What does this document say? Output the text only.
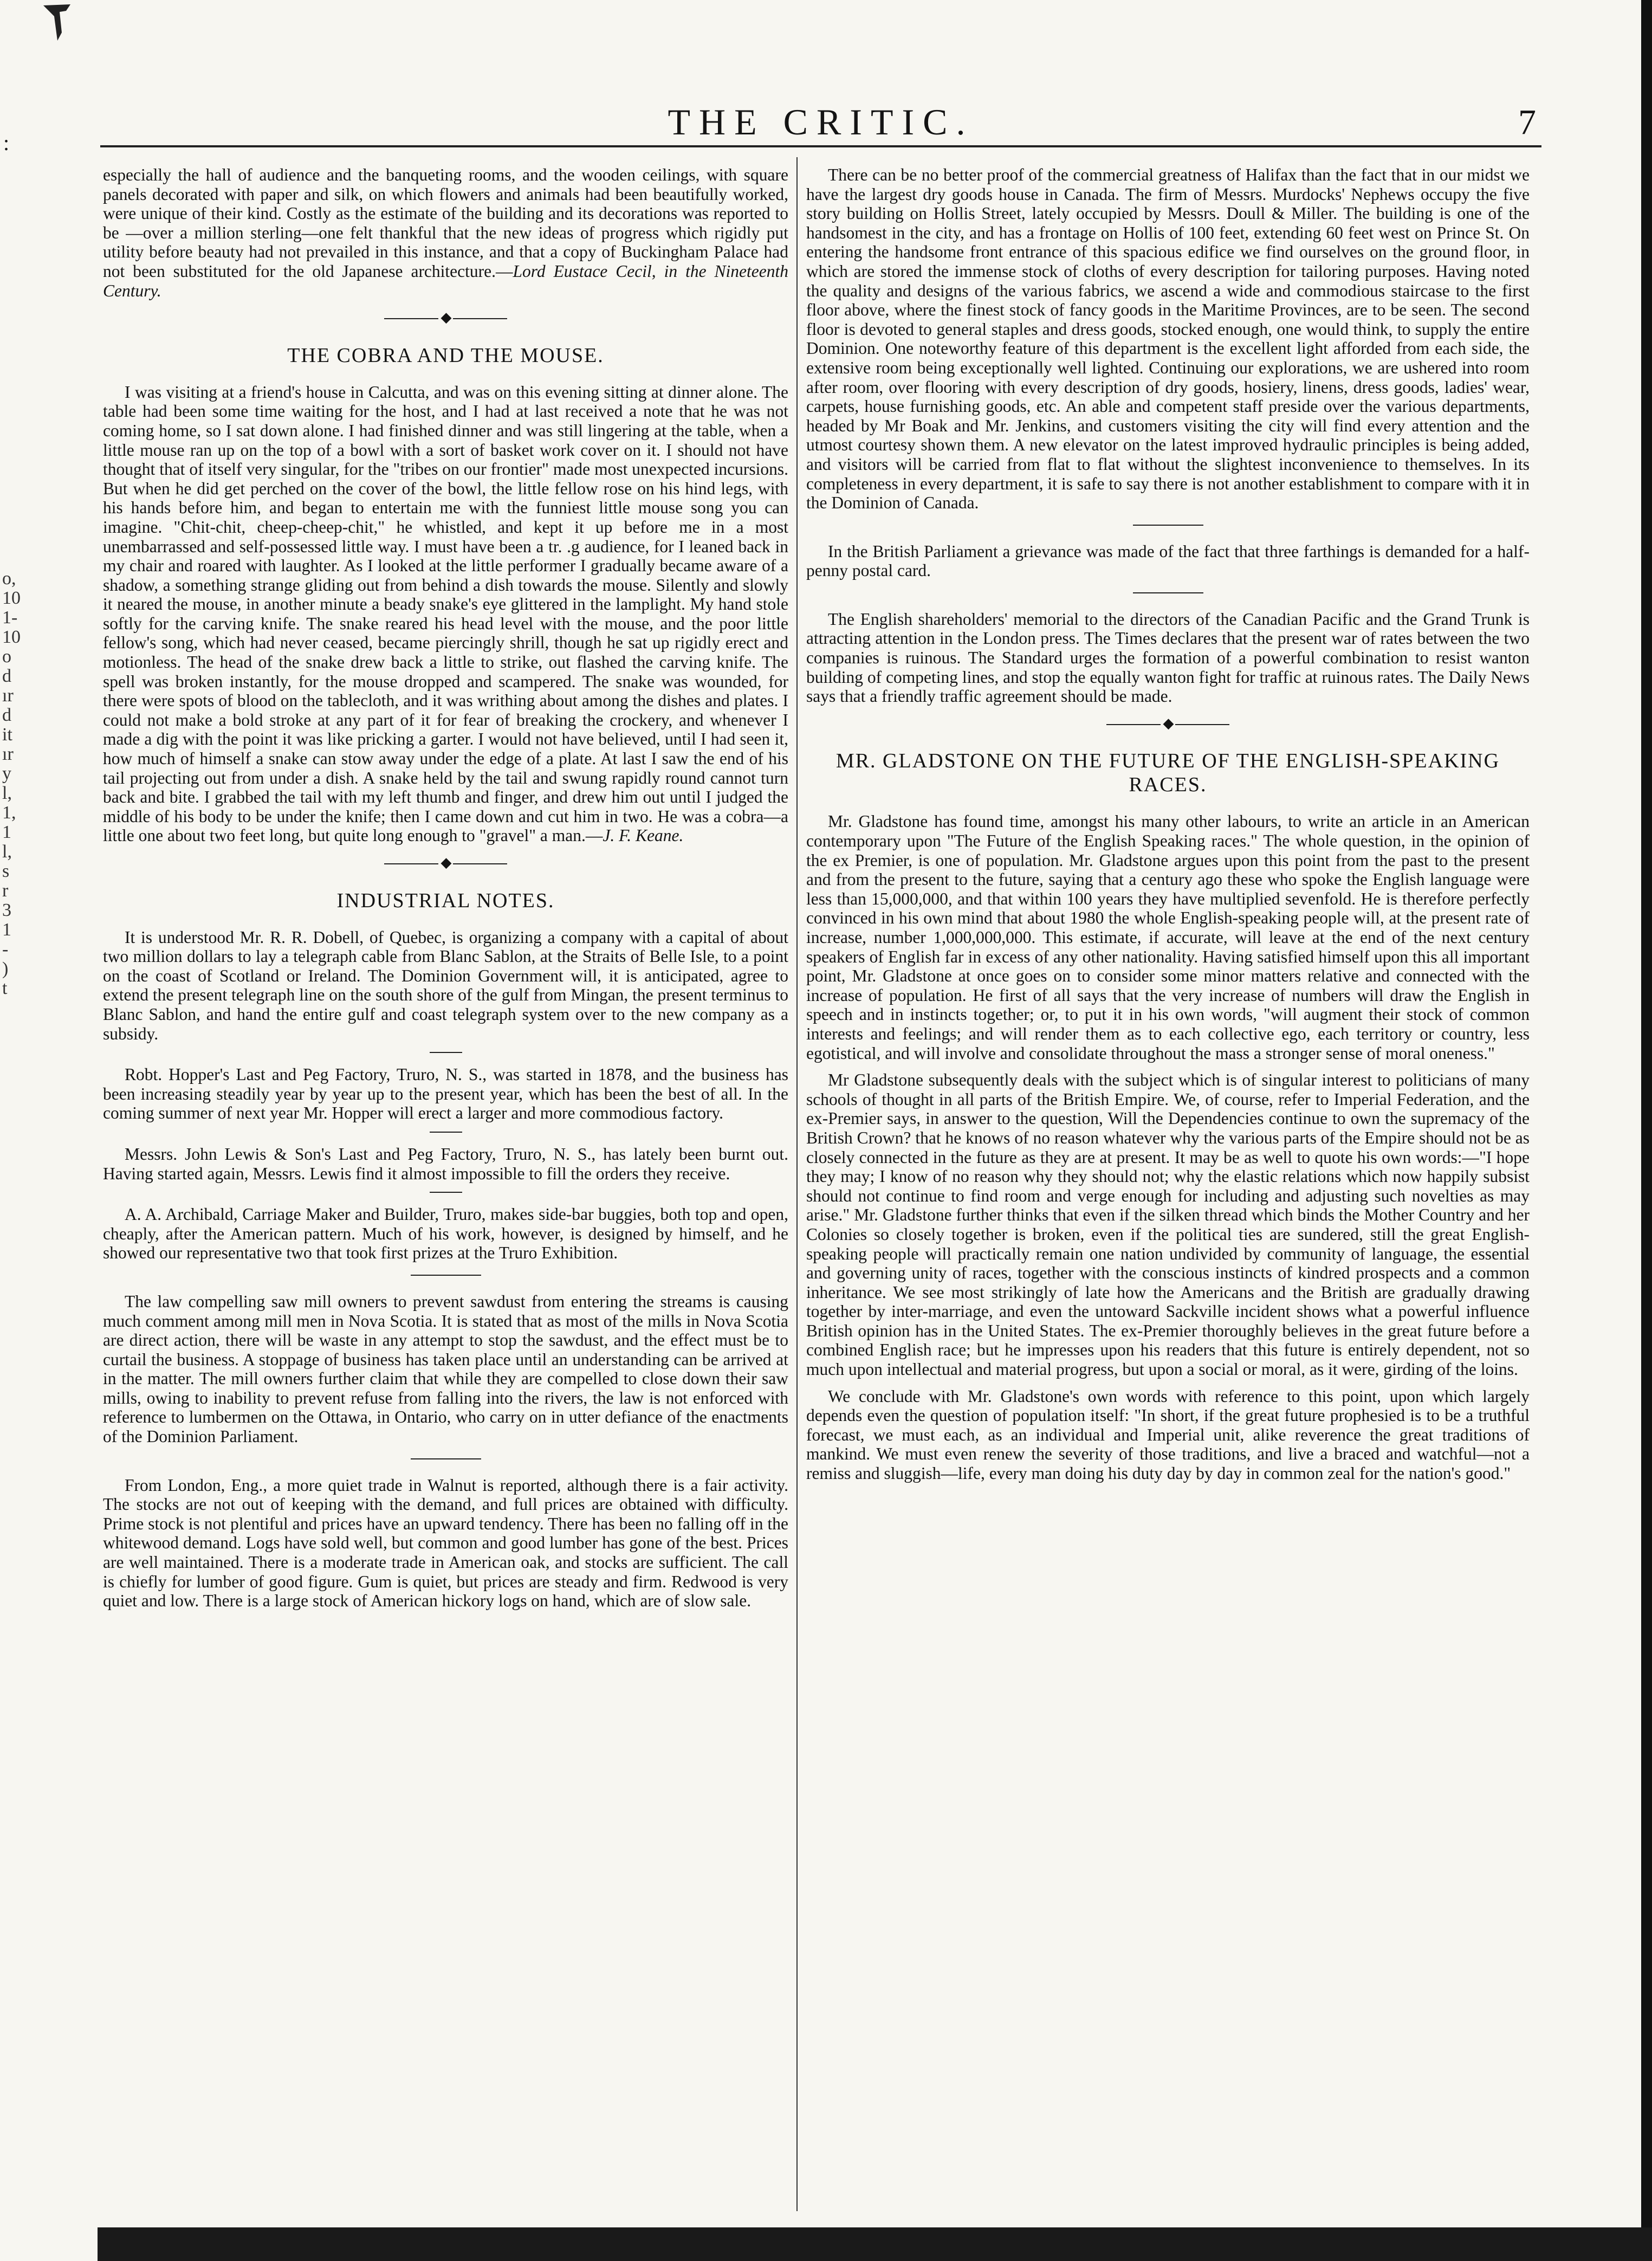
:
o,
10
1-
10
o
d
ır
d
it
ır
y
l,
1,
1
l,
s
r
3
1
-
)
t
THE CRITIC.	7

especially the hall of audience and the banqueting rooms, and the wooden ceilings, with square panels decorated with paper and silk, on which flowers and animals had been beautifully worked, were unique of their kind. Costly as the estimate of the building and its decorations was reported to be —over a million sterling—one felt thankful that the new ideas of progress which rigidly put utility before beauty had not prevailed in this instance, and that a copy of Buckingham Palace had not been substituted for the old Japanese architecture.—Lord Eustace Cecil, in the Nineteenth Century.

◆
THE COBRA AND THE MOUSE.

I was visiting at a friend's house in Calcutta, and was on this evening sitting at dinner alone. The table had been some time waiting for the host, and I had at last received a note that he was not coming home, so I sat down alone. I had finished dinner and was still lingering at the table, when a little mouse ran up on the top of a bowl with a sort of basket work cover on it. I should not have thought that of itself very singular, for the "tribes on our frontier" made most unexpected incursions. But when he did get perched on the cover of the bowl, the little fellow rose on his hind legs, with his hands before him, and began to entertain me with the funniest little mouse song you can imagine. "Chit-chit, cheep-cheep-chit," he whistled, and kept it up before me in a most unembarrassed and self-possessed little way. I must have been a tr. .g audience, for I leaned back in my chair and roared with laughter. As I looked at the little performer I gradually became aware of a shadow, a something strange gliding out from behind a dish towards the mouse. Silently and slowly it neared the mouse, in another minute a beady snake's eye glittered in the lamplight. My hand stole softly for the carving knife. The snake reared his head level with the mouse, and the poor little fellow's song, which had never ceased, became piercingly shrill, though he sat up rigidly erect and motionless. The head of the snake drew back a little to strike, out flashed the carving knife. The spell was broken instantly, for the mouse dropped and scampered. The snake was wounded, for there were spots of blood on the tablecloth, and it was writhing about among the dishes and plates. I could not make a bold stroke at any part of it for fear of breaking the crockery, and whenever I made a dig with the point it was like pricking a garter. I would not have believed, until I had seen it, how much of himself a snake can stow away under the edge of a plate. At last I saw the end of his tail projecting out from under a dish. A snake held by the tail and swung rapidly round cannot turn back and bite. I grabbed the tail with my left thumb and finger, and drew him out until I judged the middle of his body to be under the knife; then I came down and cut him in two. He was a cobra—a little one about two feet long, but quite long enough to "gravel" a man.—J. F. Keane.

◆
INDUSTRIAL NOTES.

It is understood Mr. R. R. Dobell, of Quebec, is organizing a company with a capital of about two million dollars to lay a telegraph cable from Blanc Sablon, at the Straits of Belle Isle, to a point on the coast of Scotland or Ireland. The Dominion Government will, it is anticipated, agree to extend the present telegraph line on the south shore of the gulf from Mingan, the present terminus to Blanc Sablon, and hand the entire gulf and coast telegraph system over to the new company as a subsidy.

Robt. Hopper's Last and Peg Factory, Truro, N. S., was started in 1878, and the business has been increasing steadily year by year up to the present year, which has been the best of all. In the coming summer of next year Mr. Hopper will erect a larger and more commodious factory.

Messrs. John Lewis & Son's Last and Peg Factory, Truro, N. S., has lately been burnt out. Having started again, Messrs. Lewis find it almost impossible to fill the orders they receive.

A. A. Archibald, Carriage Maker and Builder, Truro, makes side-bar buggies, both top and open, cheaply, after the American pattern. Much of his work, however, is designed by himself, and he showed our representative two that took first prizes at the Truro Exhibition.

The law compelling saw mill owners to prevent sawdust from entering the streams is causing much comment among mill men in Nova Scotia. It is stated that as most of the mills in Nova Scotia are direct action, there will be waste in any attempt to stop the sawdust, and the effect must be to curtail the business. A stoppage of business has taken place until an understanding can be arrived at in the matter. The mill owners further claim that while they are compelled to close down their saw mills, owing to inability to prevent refuse from falling into the rivers, the law is not enforced with reference to lumbermen on the Ottawa, in Ontario, who carry on in utter defiance of the enactments of the Dominion Parliament.

From London, Eng., a more quiet trade in Walnut is reported, although there is a fair activity. The stocks are not out of keeping with the demand, and full prices are obtained with difficulty. Prime stock is not plentiful and prices have an upward tendency. There has been no falling off in the whitewood demand. Logs have sold well, but common and good lumber has gone of the best. Prices are well maintained. There is a moderate trade in American oak, and stocks are sufficient. The call is chiefly for lumber of good figure. Gum is quiet, but prices are steady and firm. Redwood is very quiet and low. There is a large stock of American hickory logs on hand, which are of slow sale.

There can be no better proof of the commercial greatness of Halifax than the fact that in our midst we have the largest dry goods house in Canada. The firm of Messrs. Murdocks' Nephews occupy the five story building on Hollis Street, lately occupied by Messrs. Doull & Miller. The building is one of the handsomest in the city, and has a frontage on Hollis of 100 feet, extending 60 feet west on Prince St. On entering the handsome front entrance of this spacious edifice we find ourselves on the ground floor, in which are stored the immense stock of cloths of every description for tailoring purposes. Having noted the quality and designs of the various fabrics, we ascend a wide and commodious staircase to the first floor above, where the finest stock of fancy goods in the Maritime Provinces, are to be seen. The second floor is devoted to general staples and dress goods, stocked enough, one would think, to supply the entire Dominion. One noteworthy feature of this department is the excellent light afforded from each side, the extensive room being exceptionally well lighted. Continuing our explorations, we are ushered into room after room, over flooring with every description of dry goods, hosiery, linens, dress goods, ladies' wear, carpets, house furnishing goods, etc. An able and competent staff preside over the various departments, headed by Mr Boak and Mr. Jenkins, and customers visiting the city will find every attention and the utmost courtesy shown them. A new elevator on the latest improved hydraulic principles is being added, and visitors will be carried from flat to flat without the slightest inconvenience to themselves. In its completeness in every department, it is safe to say there is not another establishment to compare with it in the Dominion of Canada.

In the British Parliament a grievance was made of the fact that three farthings is demanded for a half-penny postal card.

The English shareholders' memorial to the directors of the Canadian Pacific and the Grand Trunk is attracting attention in the London press. The Times declares that the present war of rates between the two companies is ruinous. The Standard urges the formation of a powerful combination to resist wanton building of competing lines, and stop the equally wanton fight for traffic at ruinous rates. The Daily News says that a friendly traffic agreement should be made.

◆
MR. GLADSTONE ON THE FUTURE OF THE ENGLISH-SPEAKING RACES.

Mr. Gladstone has found time, amongst his many other labours, to write an article in an American contemporary upon "The Future of the English Speaking races." The whole question, in the opinion of the ex Premier, is one of population. Mr. Gladstone argues upon this point from the past to the present and from the present to the future, saying that a century ago these who spoke the English language were less than 15,000,000, and that within 100 years they have multiplied sevenfold. He is therefore perfectly convinced in his own mind that about 1980 the whole English-speaking people will, at the present rate of increase, number 1,000,000,000. This estimate, if accurate, will leave at the end of the next century speakers of English far in excess of any other nationality. Having satisfied himself upon this all important point, Mr. Gladstone at once goes on to consider some minor matters relative and connected with the increase of population. He first of all says that the very increase of numbers will draw the English in speech and in instincts together; or, to put it in his own words, "will augment their stock of common interests and feelings; and will render them as to each collective ego, each territory or country, less egotistical, and will involve and consolidate throughout the mass a stronger sense of moral oneness."

Mr Gladstone subsequently deals with the subject which is of singular interest to politicians of many schools of thought in all parts of the British Empire. We, of course, refer to Imperial Federation, and the ex-Premier says, in answer to the question, Will the Dependencies continue to own the supremacy of the British Crown? that he knows of no reason whatever why the various parts of the Empire should not be as closely connected in the future as they are at present. It may be as well to quote his own words:—"I hope they may; I know of no reason why they should not; why the elastic relations which now happily subsist should not continue to find room and verge enough for including and adjusting such novelties as may arise." Mr. Gladstone further thinks that even if the silken thread which binds the Mother Country and her Colonies so closely together is broken, even if the political ties are sundered, still the great English-speaking people will practically remain one nation undivided by community of language, the essential and governing unity of races, together with the conscious instincts of kindred prospects and a common inheritance. We see most strikingly of late how the Americans and the British are gradually drawing together by inter-marriage, and even the untoward Sackville incident shows what a powerful influence British opinion has in the United States. The ex-Premier thoroughly believes in the great future before a combined English race; but he impresses upon his readers that this future is entirely dependent, not so much upon intellectual and material progress, but upon a social or moral, as it were, girding of the loins.

We conclude with Mr. Gladstone's own words with reference to this point, upon which largely depends even the question of population itself: "In short, if the great future prophesied is to be a truthful forecast, we must each, as an individual and Imperial unit, alike reverence the great traditions of mankind. We must even renew the severity of those traditions, and live a braced and watchful—not a remiss and sluggish—life, every man doing his duty day by day in common zeal for the nation's good."
